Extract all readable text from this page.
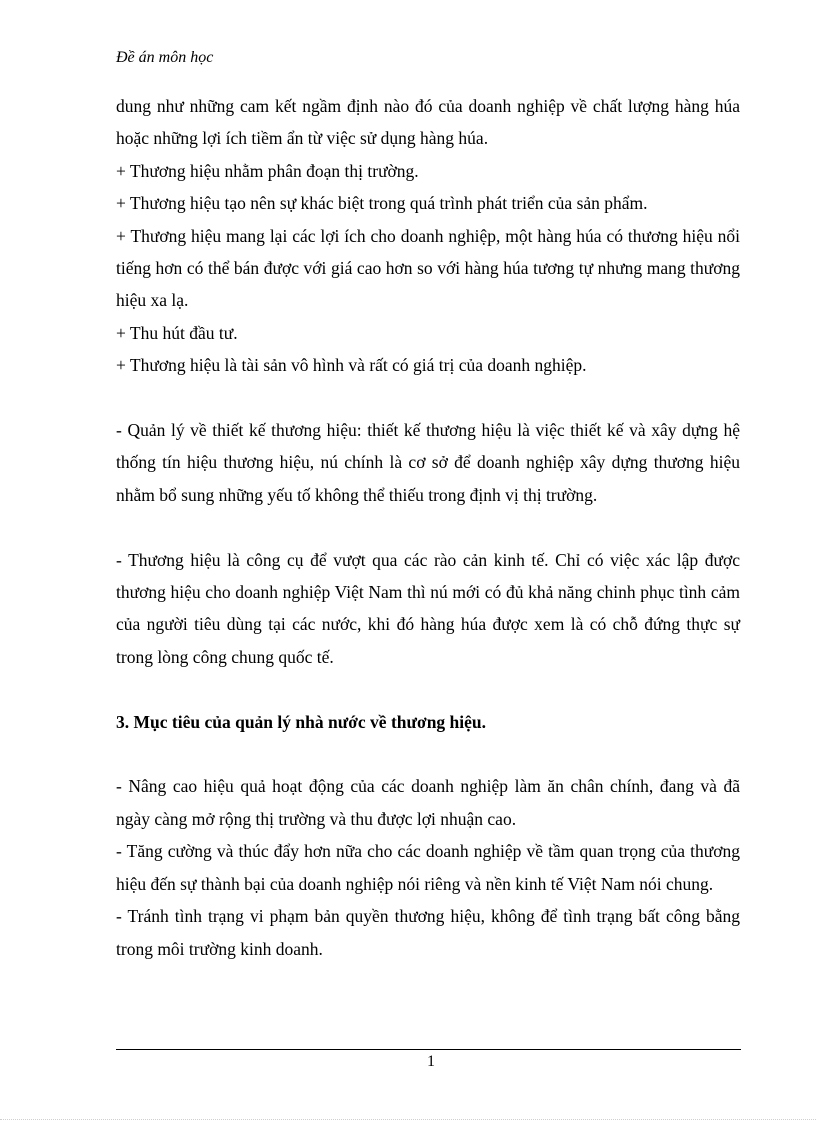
Đề án môn học

dung như những cam kết ngầm định nào đó của doanh nghiệp về chất lượng hàng húa hoặc những lợi ích tiềm ẩn từ việc sử dụng hàng húa.

+ Thương hiệu nhằm phân đoạn thị trường.

+ Thương hiệu tạo nên sự khác biệt trong quá trình phát triển của sản phẩm.

+ Thương hiệu mang lại các lợi ích cho doanh nghiệp, một hàng húa có thương hiệu nổi tiếng hơn có thể bán được với giá cao hơn so với hàng húa tương tự nhưng mang thương hiệu xa lạ.

+ Thu hút đầu tư.

+ Thương hiệu là tài sản vô hình và rất có giá trị của doanh nghiệp.

- Quản lý về thiết kế thương hiệu: thiết kế thương hiệu là việc thiết kế và xây dựng hệ thống tín hiệu thương hiệu, nú chính là cơ sở để doanh nghiệp xây dựng thương hiệu nhằm bổ sung những yếu tố không thể thiếu trong định vị thị trường.

- Thương hiệu là công cụ để vượt qua các rào cản kinh tế. Chỉ có việc xác lập được thương hiệu cho doanh nghiệp Việt Nam thì nú mới có đủ khả năng chinh phục tình cảm của người tiêu dùng tại các nước, khi đó hàng húa được xem là có chỗ đứng thực sự trong lòng công chung quốc tế.

3. Mục tiêu của quản lý nhà nước về thương hiệu.

- Nâng cao hiệu quả hoạt động của các doanh nghiệp làm ăn chân chính, đang và đã ngày càng mở rộng thị trường và thu được lợi nhuận cao.

- Tăng cường và thúc đẩy hơn nữa cho các doanh nghiệp về tầm quan trọng của thương hiệu đến sự thành bại của doanh nghiệp nói riêng và nền kinh tế Việt Nam nói chung.

- Tránh tình trạng vi phạm bản quyền thương hiệu, không để tình trạng bất công bằng trong môi trường kinh doanh.

1
